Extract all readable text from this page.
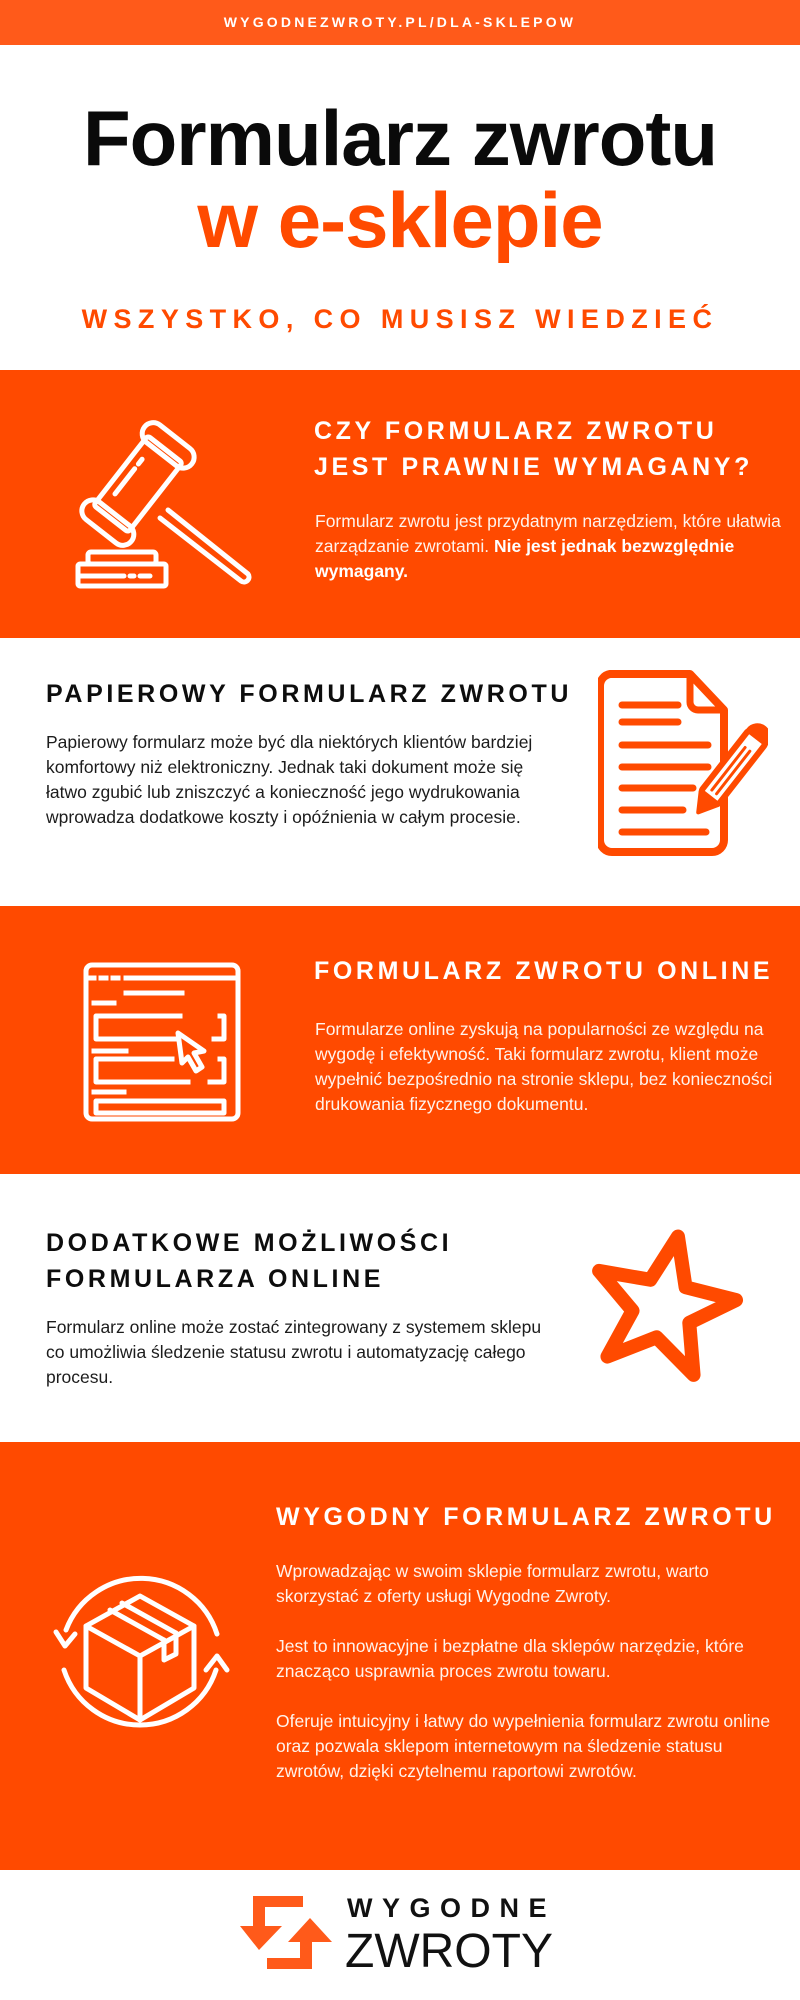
WYGODNEZWROTY.PL/DLA-SKLEPOW
Formularz zwrotu
w e-sklepie
WSZYSTKO, CO MUSISZ WIEDZIEĆ
CZY FORMULARZ ZWROTU
JEST PRAWNIE WYMAGANY?
Formularz zwrotu jest przydatnym narzędziem, które ułatwia zarządzanie zwrotami. Nie jest jednak bezwzględnie wymagany.
PAPIEROWY FORMULARZ ZWROTU
Papierowy formularz może być dla niektórych klientów bardziej komfortowy niż elektroniczny. Jednak taki dokument może się łatwo zgubić lub zniszczyć a konieczność jego wydrukowania wprowadza dodatkowe koszty i opóźnienia w całym procesie.
FORMULARZ ZWROTU ONLINE
Formularze online zyskują na popularności ze względu na wygodę i efektywność. Taki formularz zwrotu, klient może wypełnić bezpośrednio na stronie sklepu, bez konieczności drukowania fizycznego dokumentu.
DODATKOWE MOŻLIWOŚCI
FORMULARZA ONLINE
Formularz online może zostać zintegrowany z systemem sklepu co umożliwia śledzenie statusu zwrotu i automatyzację całego procesu.
WYGODNY FORMULARZ ZWROTU

Wprowadzając w swoim sklepie formularz zwrotu, warto skorzystać z oferty usługi Wygodne Zwroty.

Jest to innowacyjne i bezpłatne dla sklepów narzędzie, które znacząco usprawnia proces zwrotu towaru.

Oferuje intuicyjny i łatwy do wypełnienia formularz zwrotu online oraz pozwala sklepom internetowym na śledzenie statusu zwrotów, dzięki czytelnemu raportowi zwrotów.

WYGODNE
ZWROTY
